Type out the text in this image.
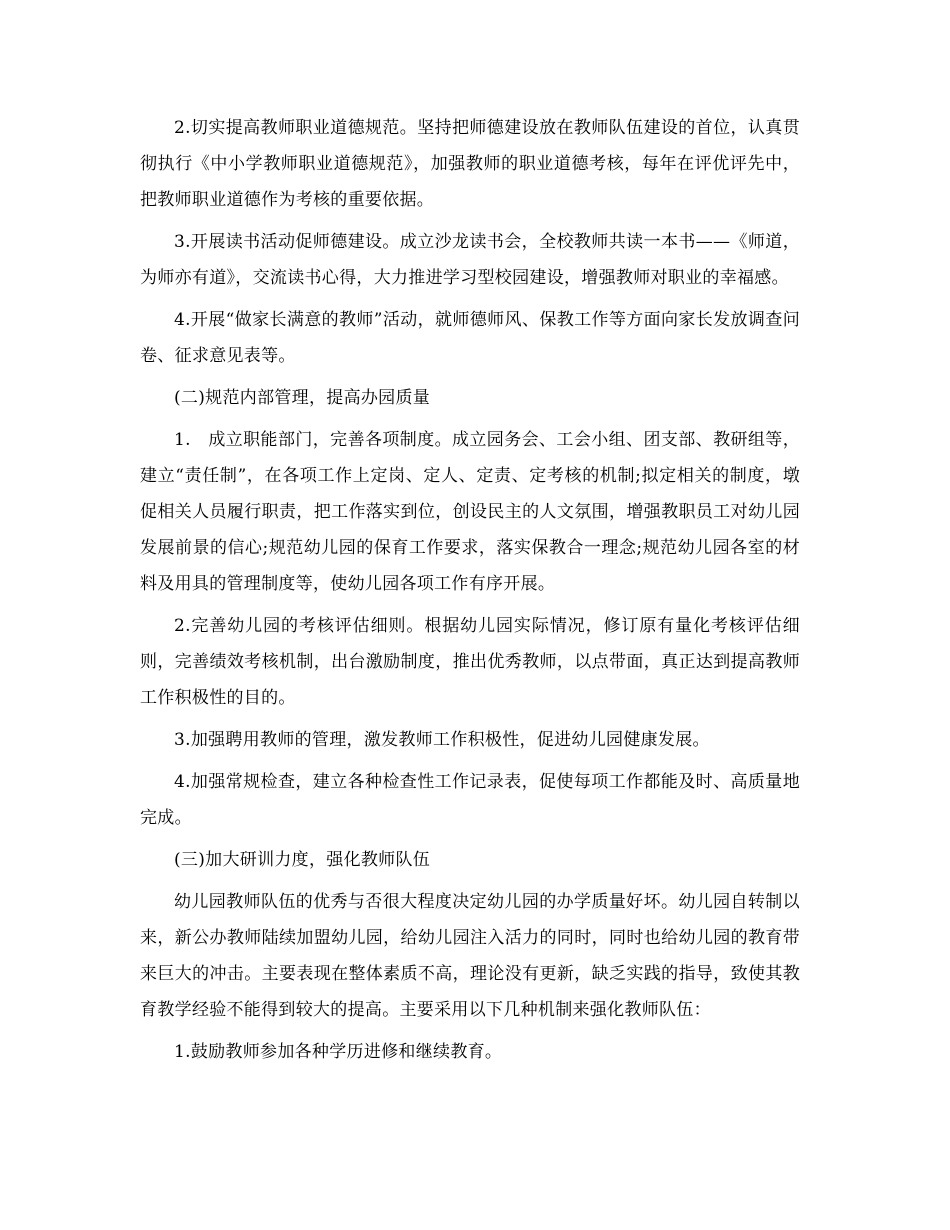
2.切实提高教师职业道德规范。坚持把师德建设放在教师队伍建设的首位，认真贯彻执行《中小学教师职业道德规范》，加强教师的职业道德考核，每年在评优评先中，把教师职业道德作为考核的重要依据。

3.开展读书活动促师德建设。成立沙龙读书会，全校教师共读一本书——《师道，为师亦有道》，交流读书心得，大力推进学习型校园建设，增强教师对职业的幸福感。

4.开展“做家长满意的教师”活动，就师德师风、保教工作等方面向家长发放调查问卷、征求意见表等。

(二)规范内部管理，提高办园质量

1.　成立职能部门，完善各项制度。成立园务会、工会小组、团支部、教研组等，建立“责任制”，在各项工作上定岗、定人、定责、定考核的机制;拟定相关的制度，墩促相关人员履行职责，把工作落实到位，创设民主的人文氛围，增强教职员工对幼儿园发展前景的信心;规范幼儿园的保育工作要求，落实保教合一理念;规范幼儿园各室的材料及用具的管理制度等，使幼儿园各项工作有序开展。

2.完善幼儿园的考核评估细则。根据幼儿园实际情况，修订原有量化考核评估细则，完善绩效考核机制，出台激励制度，推出优秀教师，以点带面，真正达到提高教师工作积极性的目的。

3.加强聘用教师的管理，激发教师工作积极性，促进幼儿园健康发展。

4.加强常规检查，建立各种检查性工作记录表，促使每项工作都能及时、高质量地完成。

(三)加大研训力度，强化教师队伍

幼儿园教师队伍的优秀与否很大程度决定幼儿园的办学质量好坏。幼儿园自转制以来，新公办教师陆续加盟幼儿园，给幼儿园注入活力的同时，同时也给幼儿园的教育带来巨大的冲击。主要表现在整体素质不高，理论没有更新，缺乏实践的指导，致使其教育教学经验不能得到较大的提高。主要采用以下几种机制来强化教师队伍：

1.鼓励教师参加各种学历进修和继续教育。
